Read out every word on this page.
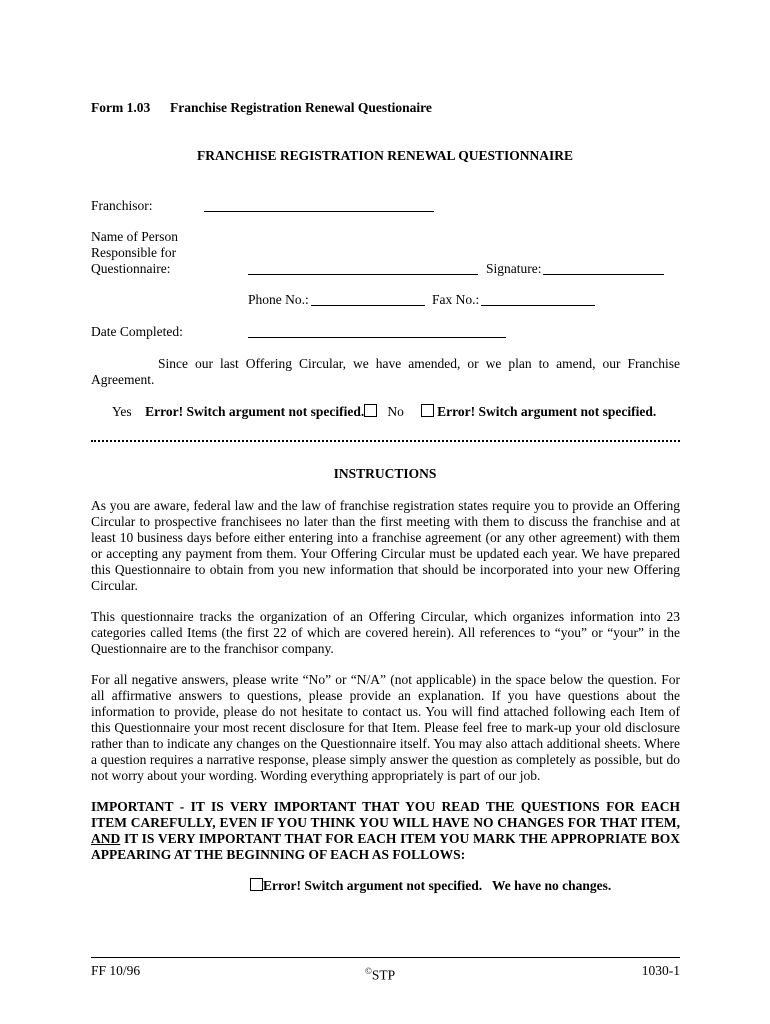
Form 1.03 Franchise Registration Renewal Questionaire
FRANCHISE REGISTRATION RENEWAL QUESTIONNAIRE
Franchisor:
Name of Person
Responsible for
Questionnaire:	Signature:
Phone No.:	Fax No.:
Date Completed:
Since our last Offering Circular, we have amended, or we plan to amend, our Franchise Agreement.
Yes Error! Switch argument not specified. No Error! Switch argument not specified.
INSTRUCTIONS
As you are aware, federal law and the law of franchise registration states require you to provide an Offering Circular to prospective franchisees no later than the first meeting with them to discuss the franchise and at least 10 business days before either entering into a franchise agreement (or any other agreement) with them or accepting any payment from them. Your Offering Circular must be updated each year. We have prepared this Questionnaire to obtain from you new information that should be incorporated into your new Offering Circular.
This questionnaire tracks the organization of an Offering Circular, which organizes information into 23 categories called Items (the first 22 of which are covered herein). All references to “you” or “your” in the Questionnaire are to the franchisor company.
For all negative answers, please write “No” or “N/A” (not applicable) in the space below the question. For all affirmative answers to questions, please provide an explanation. If you have questions about the information to provide, please do not hesitate to contact us. You will find attached following each Item of this Questionnaire your most recent disclosure for that Item. Please feel free to mark-up your old disclosure rather than to indicate any changes on the Questionnaire itself. You may also attach additional sheets. Where a question requires a narrative response, please simply answer the question as completely as possible, but do not worry about your wording. Wording everything appropriately is part of our job.
IMPORTANT - IT IS VERY IMPORTANT THAT YOU READ THE QUESTIONS FOR EACH ITEM CAREFULLY, EVEN IF YOU THINK YOU WILL HAVE NO CHANGES FOR THAT ITEM, AND IT IS VERY IMPORTANT THAT FOR EACH ITEM YOU MARK THE APPROPRIATE BOX APPEARING AT THE BEGINNING OF EACH AS FOLLOWS:
Error! Switch argument not specified. We have no changes.
FF 10/96	©STP	1030-1
